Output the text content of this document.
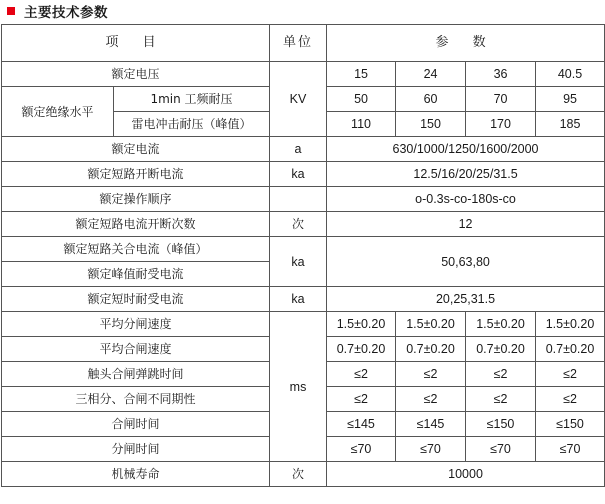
主要技术参数
项 目		单位	参 数			
额定电压		KV	15	24	36	40.5
额定绝缘水平	1min 工频耐压		50	60	70	95
	雷电冲击耐压（峰值）		110	150	170	185
额定电流		a	630/1000/1250/1600/2000			
额定短路开断电流		ka	12.5/16/20/25/31.5			
额定操作顺序			o-0.3s-co-180s-co			
额定短路电流开断次数		次	12			
额定短路关合电流（峰值）		ka	50,63,80			
额定峰值耐受电流						
额定短时耐受电流		ka	20,25,31.5			
平均分闸速度		ms	1.5±0.20	1.5±0.20	1.5±0.20	1.5±0.20
平均合闸速度			0.7±0.20	0.7±0.20	0.7±0.20	0.7±0.20
触头合闸弹跳时间			≤2	≤2	≤2	≤2
三相分、合闸不同期性			≤2	≤2	≤2	≤2
合闸时间			≤145	≤145	≤150	≤150
分闸时间			≤70	≤70	≤70	≤70
机械寿命		次	10000			
